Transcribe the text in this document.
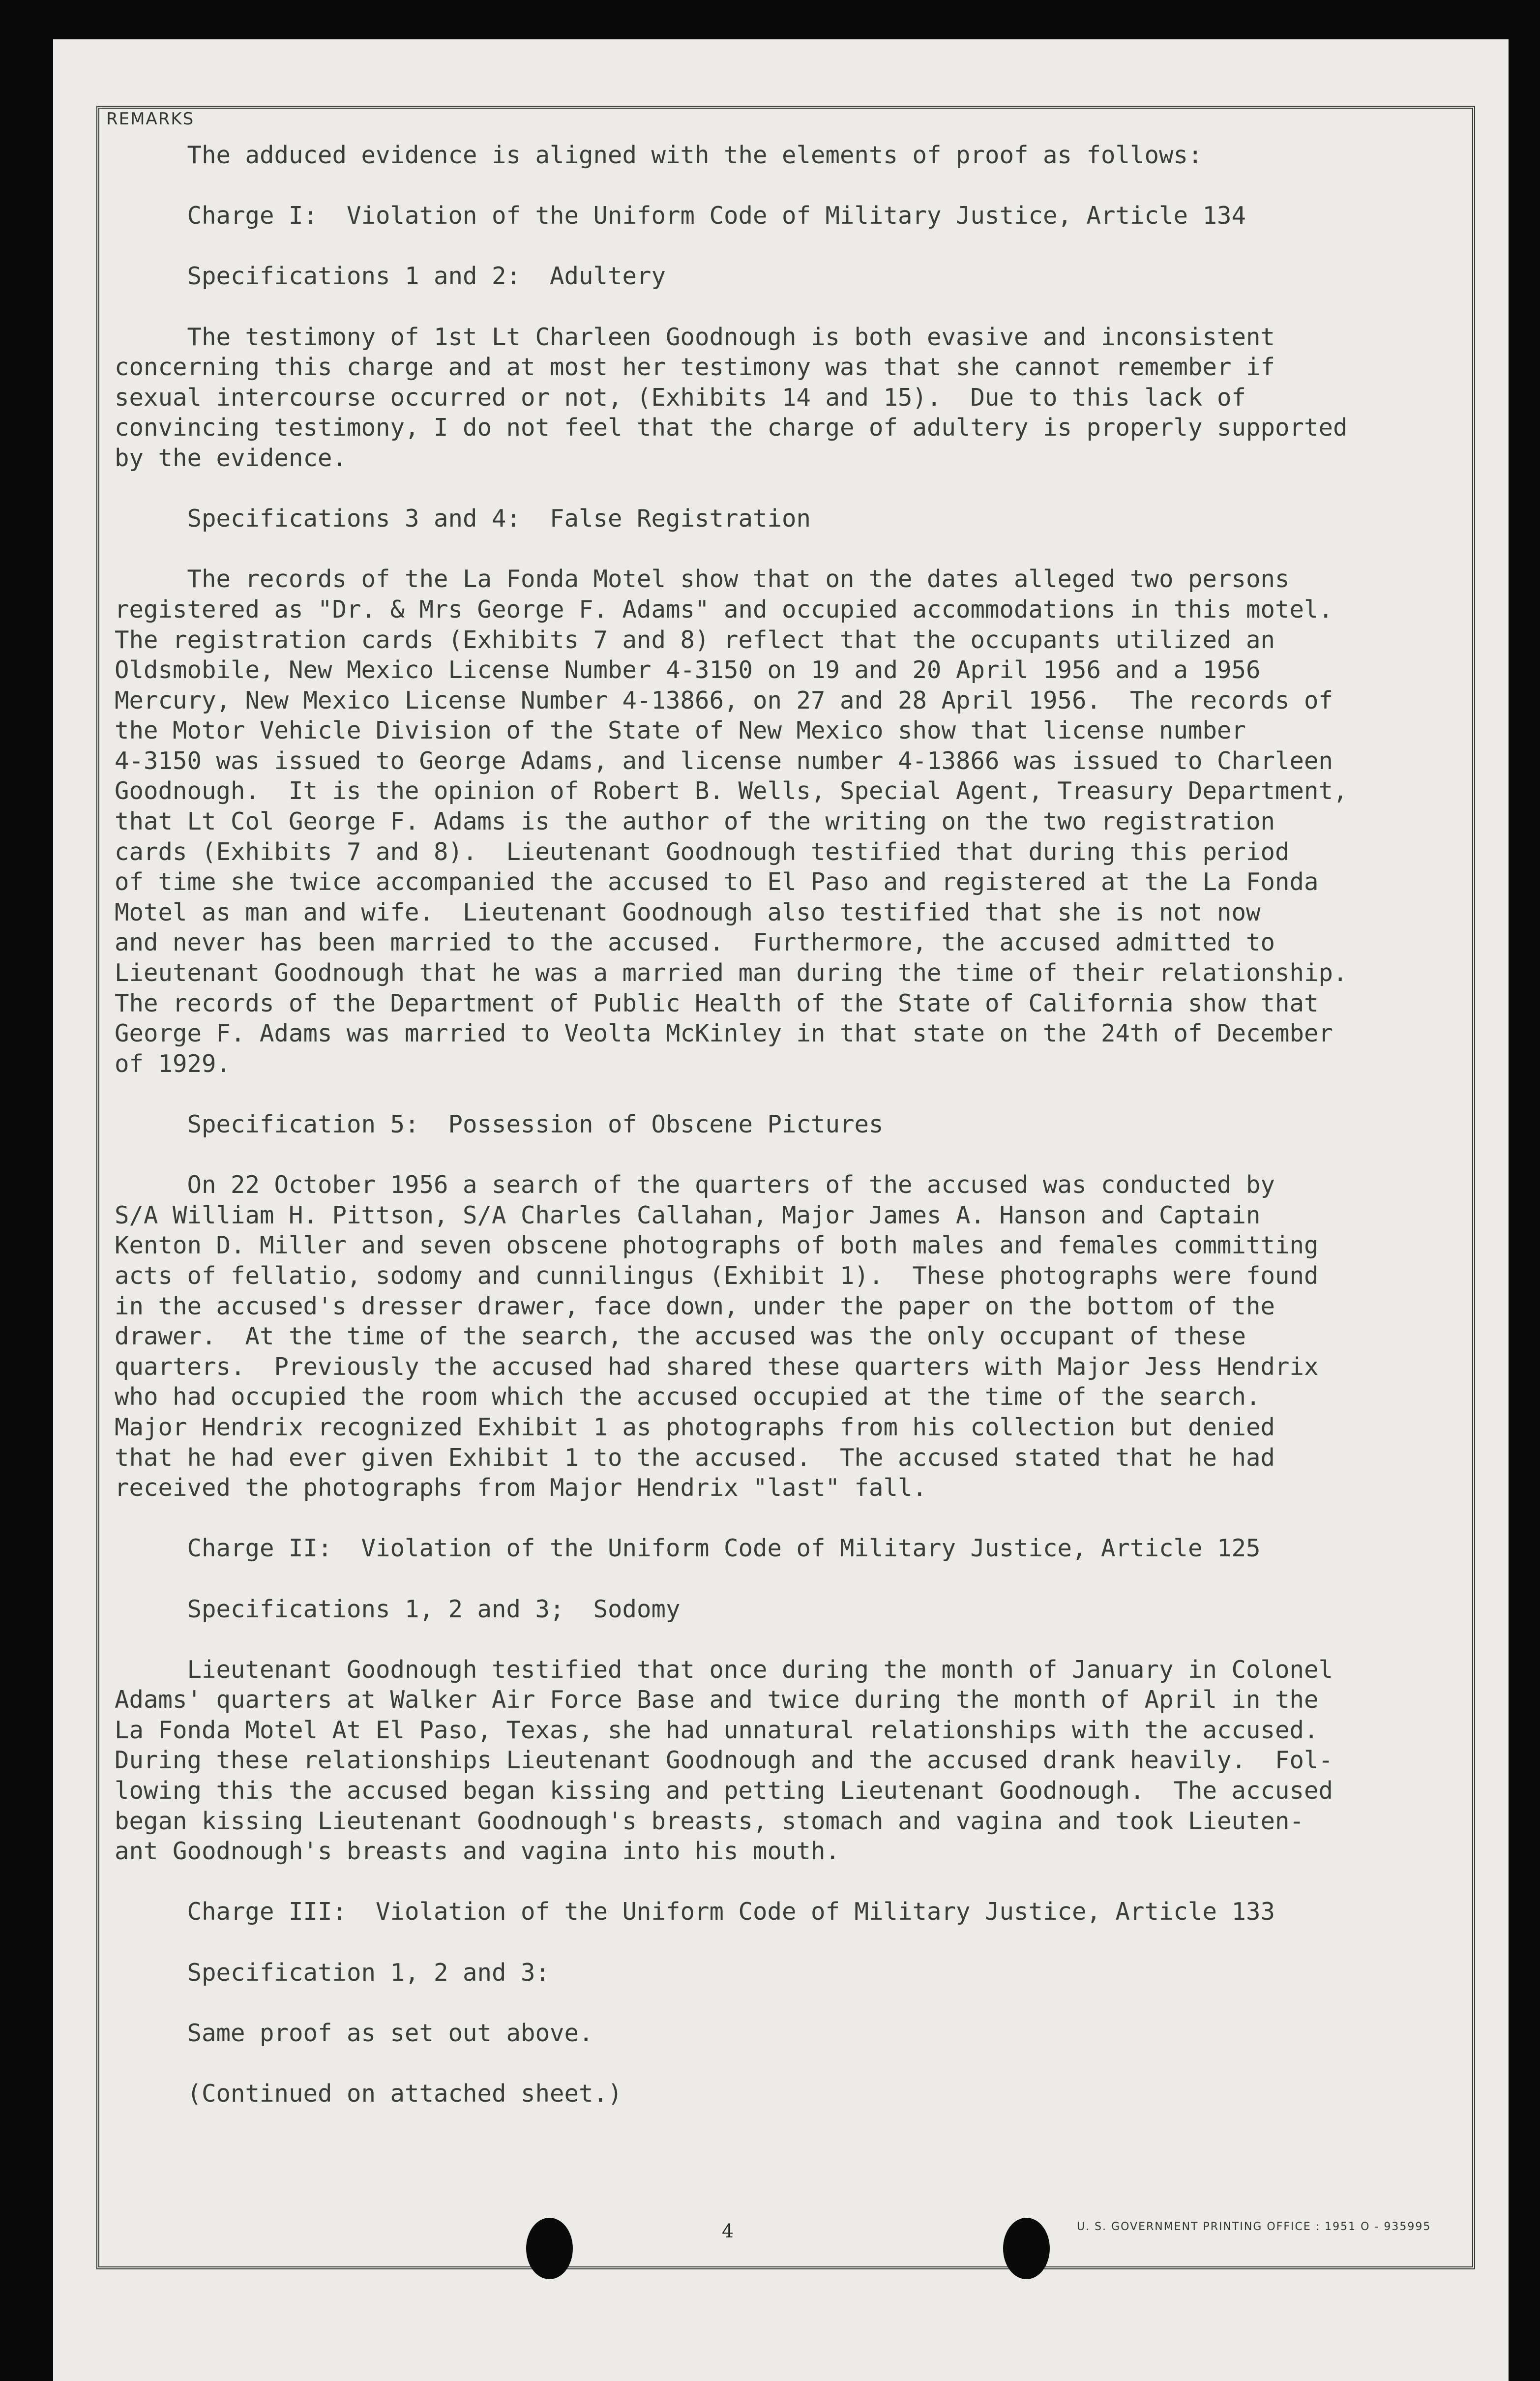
REMARKS
The adduced evidence is aligned with the elements of proof as follows:
Charge I:  Violation of the Uniform Code of Military Justice, Article 134
Specifications 1 and 2:  Adultery
The testimony of 1st Lt Charleen Goodnough is both evasive and inconsistent
concerning this charge and at most her testimony was that she cannot remember if
sexual intercourse occurred or not, (Exhibits 14 and 15).  Due to this lack of
convincing testimony, I do not feel that the charge of adultery is properly supported
by the evidence.
Specifications 3 and 4:  False Registration
The records of the La Fonda Motel show that on the dates alleged two persons
registered as "Dr. & Mrs George F. Adams" and occupied accommodations in this motel.
The registration cards (Exhibits 7 and 8) reflect that the occupants utilized an
Oldsmobile, New Mexico License Number 4-3150 on 19 and 20 April 1956 and a 1956
Mercury, New Mexico License Number 4-13866, on 27 and 28 April 1956.  The records of
the Motor Vehicle Division of the State of New Mexico show that license number
4-3150 was issued to George Adams, and license number 4-13866 was issued to Charleen
Goodnough.  It is the opinion of Robert B. Wells, Special Agent, Treasury Department,
that Lt Col George F. Adams is the author of the writing on the two registration
cards (Exhibits 7 and 8).  Lieutenant Goodnough testified that during this period
of time she twice accompanied the accused to El Paso and registered at the La Fonda
Motel as man and wife.  Lieutenant Goodnough also testified that she is not now
and never has been married to the accused.  Furthermore, the accused admitted to
Lieutenant Goodnough that he was a married man during the time of their relationship.
The records of the Department of Public Health of the State of California show that
George F. Adams was married to Veolta McKinley in that state on the 24th of December
of 1929.
Specification 5:  Possession of Obscene Pictures
On 22 October 1956 a search of the quarters of the accused was conducted by
S/A William H. Pittson, S/A Charles Callahan, Major James A. Hanson and Captain
Kenton D. Miller and seven obscene photographs of both males and females committing
acts of fellatio, sodomy and cunnilingus (Exhibit 1).  These photographs were found
in the accused's dresser drawer, face down, under the paper on the bottom of the
drawer.  At the time of the search, the accused was the only occupant of these
quarters.  Previously the accused had shared these quarters with Major Jess Hendrix
who had occupied the room which the accused occupied at the time of the search.
Major Hendrix recognized Exhibit 1 as photographs from his collection but denied
that he had ever given Exhibit 1 to the accused.  The accused stated that he had
received the photographs from Major Hendrix "last" fall.
Charge II:  Violation of the Uniform Code of Military Justice, Article 125
Specifications 1, 2 and 3;  Sodomy
Lieutenant Goodnough testified that once during the month of January in Colonel
Adams' quarters at Walker Air Force Base and twice during the month of April in the
La Fonda Motel At El Paso, Texas, she had unnatural relationships with the accused.
During these relationships Lieutenant Goodnough and the accused drank heavily.  Fol-
lowing this the accused began kissing and petting Lieutenant Goodnough.  The accused
began kissing Lieutenant Goodnough's breasts, stomach and vagina and took Lieuten-
ant Goodnough's breasts and vagina into his mouth.
Charge III:  Violation of the Uniform Code of Military Justice, Article 133
Specification 1, 2 and 3:
Same proof as set out above.
(Continued on attached sheet.)
4	U. S. GOVERNMENT PRINTING OFFICE : 1951 O - 935995
